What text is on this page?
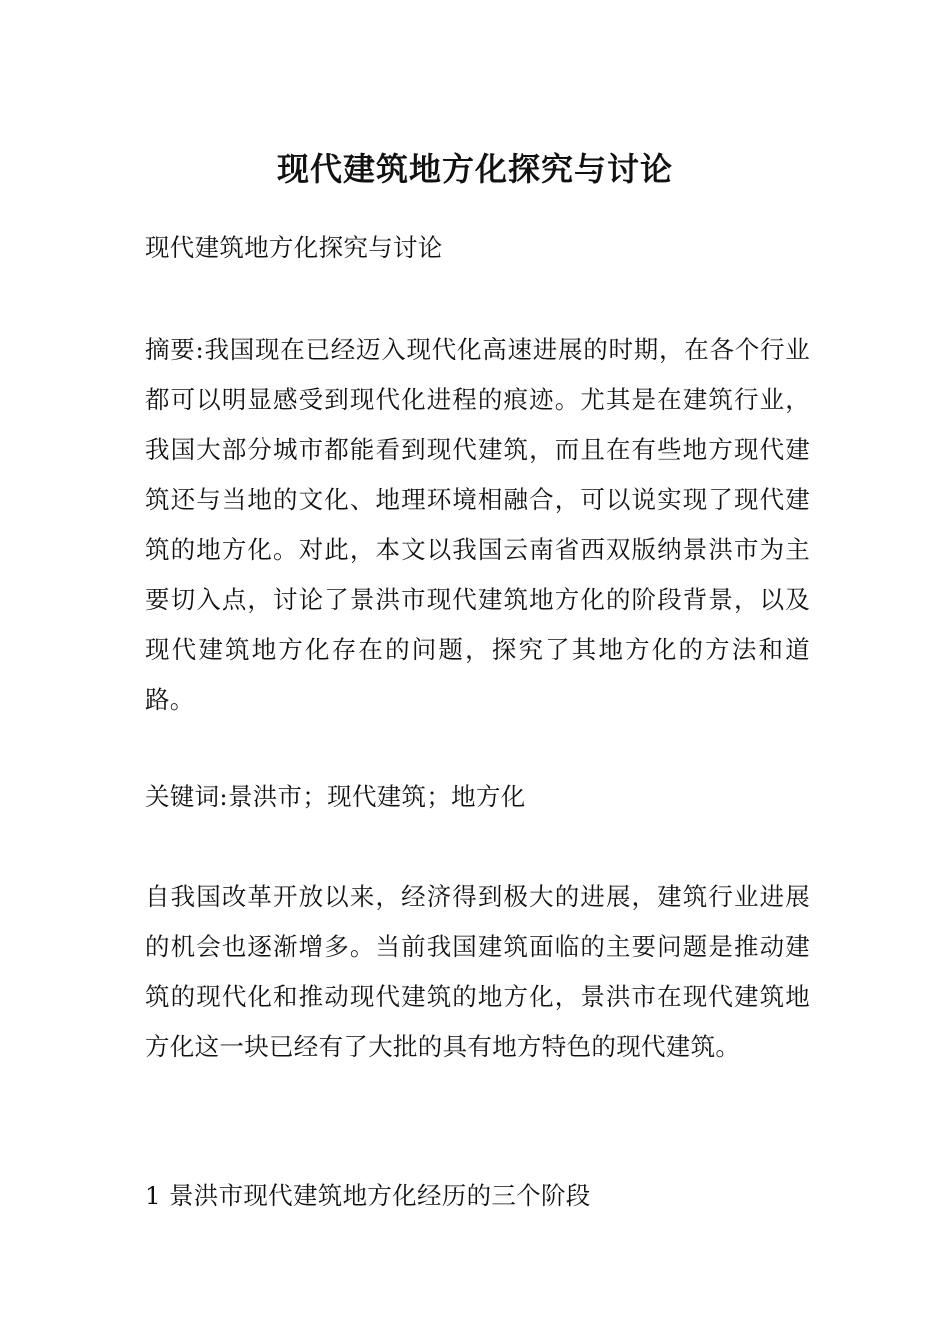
现代建筑地方化探究与讨论

现代建筑地方化探究与讨论

摘要:我国现在已经迈入现代化高速进展的时期，在各个行业都可以明显感受到现代化进程的痕迹。尤其是在建筑行业，我国大部分城市都能看到现代建筑，而且在有些地方现代建筑还与当地的文化、地理环境相融合，可以说实现了现代建筑的地方化。对此，本文以我国云南省西双版纳景洪市为主要切入点，讨论了景洪市现代建筑地方化的阶段背景，以及现代建筑地方化存在的问题，探究了其地方化的方法和道路。

关键词:景洪市；现代建筑；地方化

自我国改革开放以来，经济得到极大的进展，建筑行业进展的机会也逐渐增多。当前我国建筑面临的主要问题是推动建筑的现代化和推动现代建筑的地方化，景洪市在现代建筑地方化这一块已经有了大批的具有地方特色的现代建筑。

1 景洪市现代建筑地方化经历的三个阶段
